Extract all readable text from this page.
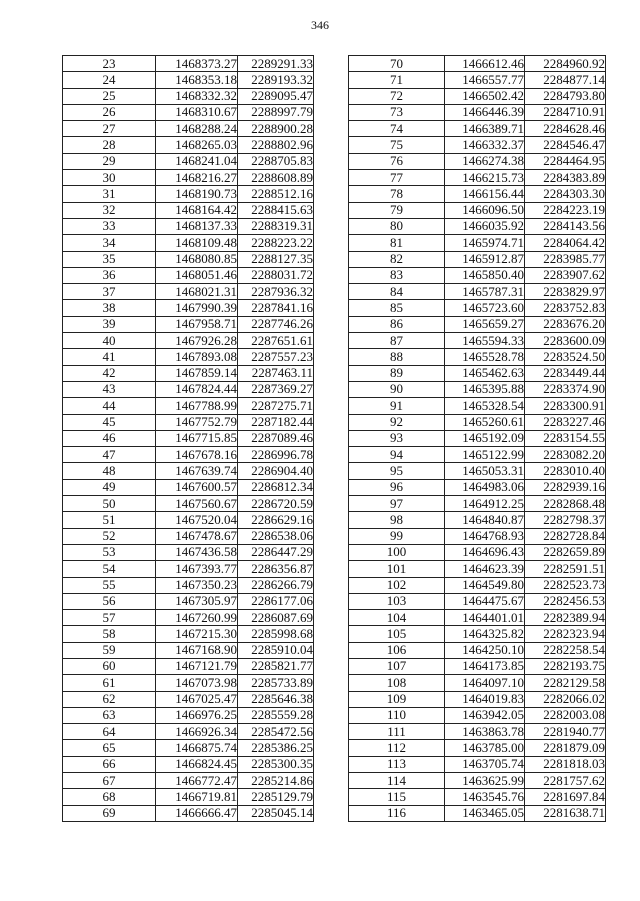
346
23	1468373.27	2289291.33
24	1468353.18	2289193.32
25	1468332.32	2289095.47
26	1468310.67	2288997.79
27	1468288.24	2288900.28
28	1468265.03	2288802.96
29	1468241.04	2288705.83
30	1468216.27	2288608.89
31	1468190.73	2288512.16
32	1468164.42	2288415.63
33	1468137.33	2288319.31
34	1468109.48	2288223.22
35	1468080.85	2288127.35
36	1468051.46	2288031.72
37	1468021.31	2287936.32
38	1467990.39	2287841.16
39	1467958.71	2287746.26
40	1467926.28	2287651.61
41	1467893.08	2287557.23
42	1467859.14	2287463.11
43	1467824.44	2287369.27
44	1467788.99	2287275.71
45	1467752.79	2287182.44
46	1467715.85	2287089.46
47	1467678.16	2286996.78
48	1467639.74	2286904.40
49	1467600.57	2286812.34
50	1467560.67	2286720.59
51	1467520.04	2286629.16
52	1467478.67	2286538.06
53	1467436.58	2286447.29
54	1467393.77	2286356.87
55	1467350.23	2286266.79
56	1467305.97	2286177.06
57	1467260.99	2286087.69
58	1467215.30	2285998.68
59	1467168.90	2285910.04
60	1467121.79	2285821.77
61	1467073.98	2285733.89
62	1467025.47	2285646.38
63	1466976.25	2285559.28
64	1466926.34	2285472.56
65	1466875.74	2285386.25
66	1466824.45	2285300.35
67	1466772.47	2285214.86
68	1466719.81	2285129.79
69	1466666.47	2285045.14
70	1466612.46	2284960.92
71	1466557.77	2284877.14
72	1466502.42	2284793.80
73	1466446.39	2284710.91
74	1466389.71	2284628.46
75	1466332.37	2284546.47
76	1466274.38	2284464.95
77	1466215.73	2284383.89
78	1466156.44	2284303.30
79	1466096.50	2284223.19
80	1466035.92	2284143.56
81	1465974.71	2284064.42
82	1465912.87	2283985.77
83	1465850.40	2283907.62
84	1465787.31	2283829.97
85	1465723.60	2283752.83
86	1465659.27	2283676.20
87	1465594.33	2283600.09
88	1465528.78	2283524.50
89	1465462.63	2283449.44
90	1465395.88	2283374.90
91	1465328.54	2283300.91
92	1465260.61	2283227.46
93	1465192.09	2283154.55
94	1465122.99	2283082.20
95	1465053.31	2283010.40
96	1464983.06	2282939.16
97	1464912.25	2282868.48
98	1464840.87	2282798.37
99	1464768.93	2282728.84
100	1464696.43	2282659.89
101	1464623.39	2282591.51
102	1464549.80	2282523.73
103	1464475.67	2282456.53
104	1464401.01	2282389.94
105	1464325.82	2282323.94
106	1464250.10	2282258.54
107	1464173.85	2282193.75
108	1464097.10	2282129.58
109	1464019.83	2282066.02
110	1463942.05	2282003.08
111	1463863.78	2281940.77
112	1463785.00	2281879.09
113	1463705.74	2281818.03
114	1463625.99	2281757.62
115	1463545.76	2281697.84
116	1463465.05	2281638.71
